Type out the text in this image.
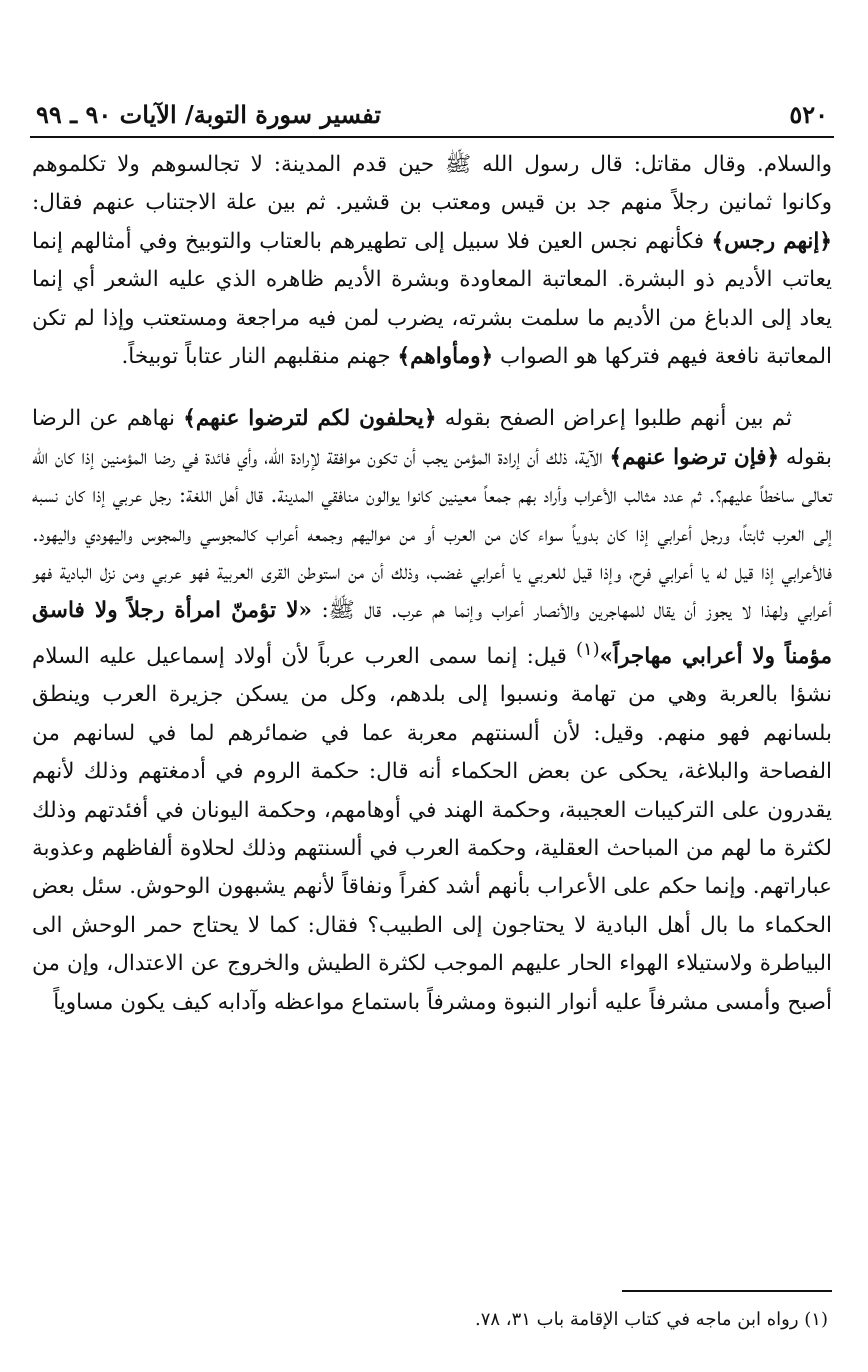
تفسير سورة التوبة/ الآيات ٩٠ ـ ٩٩	٥٢٠

والسلام. وقال مقاتل: قال رسول الله ﷺ حين قدم المدينة: لا تجالسوهم ولا تكلموهم وكانوا ثمانين رجلاً منهم جد بن قيس ومعتب بن قشير. ثم بين علة الاجتناب عنهم فقال: ﴿إنهم رجس﴾ فكأنهم نجس العين فلا سبيل إلى تطهيرهم بالعتاب والتوبيخ وفي أمثالهم إنما يعاتب الأديم ذو البشرة. المعاتبة المعاودة وبشرة الأديم ظاهره الذي عليه الشعر أي إنما يعاد إلى الدباغ من الأديم ما سلمت بشرته، يضرب لمن فيه مراجعة ومستعتب وإذا لم تكن المعاتبة نافعة فيهم فتركها هو الصواب ﴿ومأواهم﴾ جهنم منقلبهم النار عتاباً توبيخاً.

ثم بين أنهم طلبوا إعراض الصفح بقوله ﴿يحلفون لكم لترضوا عنهم﴾ نهاهم عن الرضا بقوله ﴿فإن ترضوا عنهم﴾ الآية، ذلك أن إرادة المؤمن يجب أن تكون موافقة لإرادة الله، وأي فائدة في رضا المؤمنين إذا كان الله تعالى ساخطاً عليهم؟. ثم عدد مثالب الأعراب وأراد بهم جمعاً معينين كانوا يوالون منافقي المدينة. قال أهل اللغة: رجل عربي إذا كان نسبه إلى العرب ثابتاً، ورجل أعرابي إذا كان بدوياً سواء كان من العرب أو من مواليهم وجمعه أعراب كالمجوسي والمجوس واليهودي واليهود. فالأعرابي إذا قيل له يا أعرابي فرح، وإذا قيل للعربي يا أعرابي غضب، وذلك أن من استوطن القرى العربية فهو عربي ومن نزل البادية فهو أعرابي ولهذا لا يجوز أن يقال للمهاجرين والأنصار أعراب وإنما هم عرب. قال ﷺ: «لا تؤمنّ امرأة رجلاً ولا فاسق مؤمناً ولا أعرابي مهاجراً»$^{(١)}$ قيل: إنما سمى العرب عرباً لأن أولاد إسماعيل عليه السلام نشؤا بالعربة وهي من تهامة ونسبوا إلى بلدهم، وكل من يسكن جزيرة العرب وينطق بلسانهم فهو منهم. وقيل: لأن ألسنتهم معربة عما في ضمائرهم لما في لسانهم من الفصاحة والبلاغة، يحكى عن بعض الحكماء أنه قال: حكمة الروم في أدمغتهم وذلك لأنهم يقدرون على التركيبات العجيبة، وحكمة الهند في أوهامهم، وحكمة اليونان في أفئدتهم وذلك لكثرة ما لهم من المباحث العقلية، وحكمة العرب في ألسنتهم وذلك لحلاوة ألفاظهم وعذوبة عباراتهم. وإنما حكم على الأعراب بأنهم أشد كفراً ونفاقاً لأنهم يشبهون الوحوش. سئل بعض الحكماء ما بال أهل البادية لا يحتاجون إلى الطبيب؟ فقال: كما لا يحتاج حمر الوحش الى البياطرة ولاستيلاء الهواء الحار عليهم الموجب لكثرة الطيش والخروج عن الاعتدال، وإن من أصبح وأمسى مشرفاً عليه أنوار النبوة ومشرفاً باستماع مواعظه وآدابه كيف يكون مساوياً

(١) رواه ابن ماجه في كتاب الإقامة باب ٣١، ٧٨.
